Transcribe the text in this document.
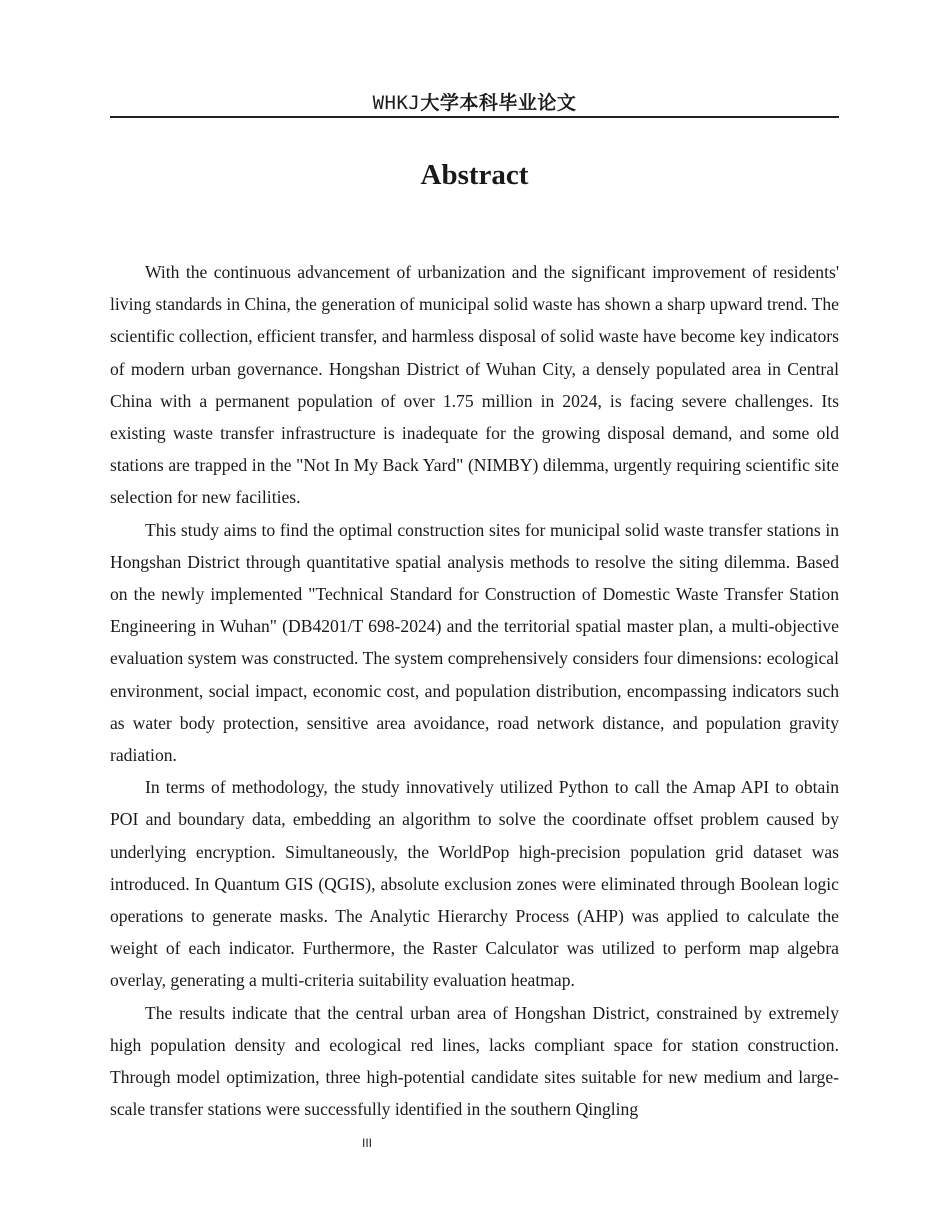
WHKJ大学本科毕业论文
Abstract

With the continuous advancement of urbanization and the significant improvement of residents' living standards in China, the generation of municipal solid waste has shown a sharp upward trend. The scientific collection, efficient transfer, and harmless disposal of solid waste have become key indicators of modern urban governance. Hongshan District of Wuhan City, a densely populated area in Central China with a permanent population of over 1.75 million in 2024, is facing severe challenges. Its existing waste transfer infrastructure is inadequate for the growing disposal demand, and some old stations are trapped in the "Not In My Back Yard" (NIMBY) dilemma, urgently requiring scientific site selection for new facilities.

This study aims to find the optimal construction sites for municipal solid waste transfer stations in Hongshan District through quantitative spatial analysis methods to resolve the siting dilemma. Based on the newly implemented "Technical Standard for Construction of Domestic Waste Transfer Station Engineering in Wuhan" (DB4201/T 698-2024) and the territorial spatial master plan, a multi-objective evaluation system was constructed. The system comprehensively considers four dimensions: ecological environment, social impact, economic cost, and population distribution, encompassing indicators such as water body protection, sensitive area avoidance, road network distance, and population gravity radiation.

In terms of methodology, the study innovatively utilized Python to call the Amap API to obtain POI and boundary data, embedding an algorithm to solve the coordinate offset problem caused by underlying encryption. Simultaneously, the WorldPop high-precision population grid dataset was introduced. In Quantum GIS (QGIS), absolute exclusion zones were eliminated through Boolean logic operations to generate masks. The Analytic Hierarchy Process (AHP) was applied to calculate the weight of each indicator. Furthermore, the Raster Calculator was utilized to perform map algebra overlay, generating a multi-criteria suitability evaluation heatmap.

The results indicate that the central urban area of Hongshan District, constrained by extremely high population density and ecological red lines, lacks compliant space for station construction. Through model optimization, three high-potential candidate sites suitable for new medium and large-scale transfer stations were successfully identified in the southern Qingling

III
